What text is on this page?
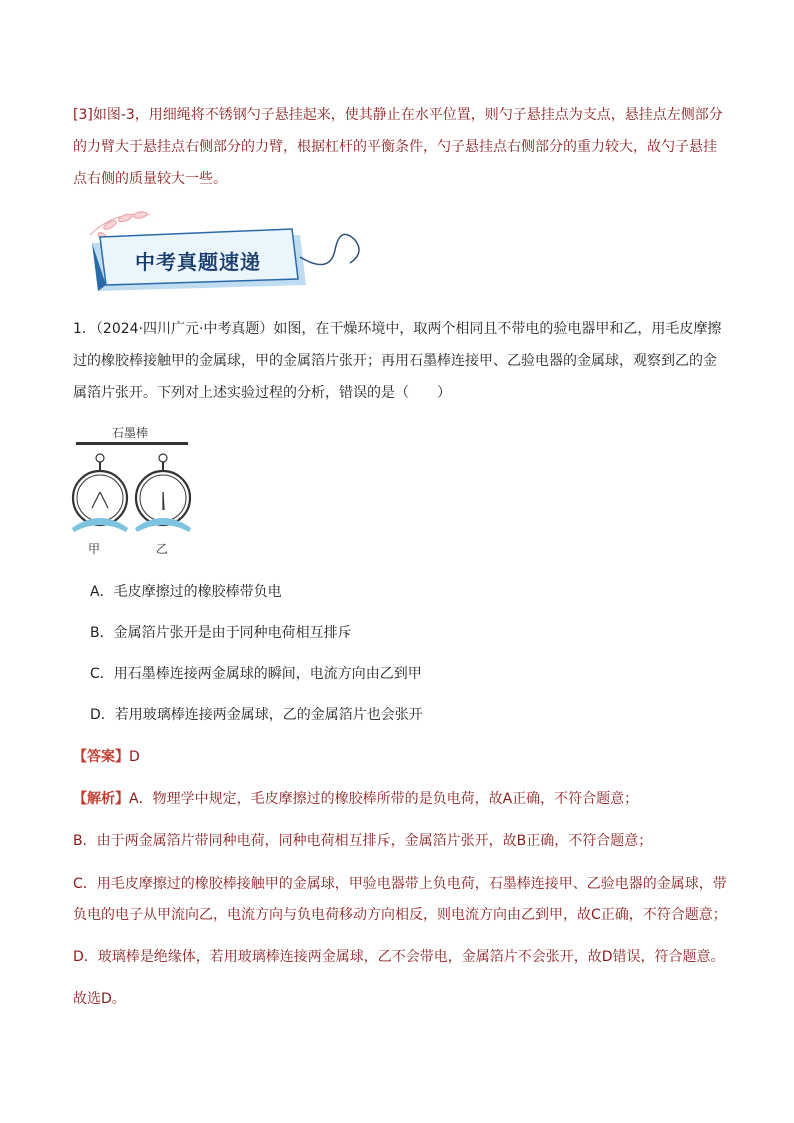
[3]如图-3，用细绳将不锈钢勺子悬挂起来，使其静止在水平位置，则勺子悬挂点为支点，悬挂点左侧部分的力臂大于悬挂点右侧部分的力臂，根据杠杆的平衡条件，勺子悬挂点右侧部分的重力较大，故勺子悬挂点右侧的质量较大一些。
中考真题速递
1．（2024·四川广元·中考真题）如图，在干燥环境中，取两个相同且不带电的验电器甲和乙，用毛皮摩擦
过的橡胶棒接触甲的金属球，甲的金属箔片张开；再用石墨棒连接甲、乙验电器的金属球，观察到乙的金
属箔片张开。下列对上述实验过程的分析，错误的是（　　）
石墨棒
甲	乙
A．毛皮摩擦过的橡胶棒带负电
B．金属箔片张开是由于同种电荷相互排斥
C．用石墨棒连接两金属球的瞬间，电流方向由乙到甲
D．若用玻璃棒连接两金属球，乙的金属箔片也会张开
【答案】D
【解析】A．物理学中规定，毛皮摩擦过的橡胶棒所带的是负电荷，故A正确，不符合题意；
B．由于两金属箔片带同种电荷，同种电荷相互排斥，金属箔片张开，故B正确，不符合题意；
C．用毛皮摩擦过的橡胶棒接触甲的金属球，甲验电器带上负电荷，石墨棒连接甲、乙验电器的金属球，带
负电的电子从甲流向乙，电流方向与负电荷移动方向相反，则电流方向由乙到甲，故C正确，不符合题意；
D．玻璃棒是绝缘体，若用玻璃棒连接两金属球，乙不会带电，金属箔片不会张开，故D错误，符合题意。
故选D。
